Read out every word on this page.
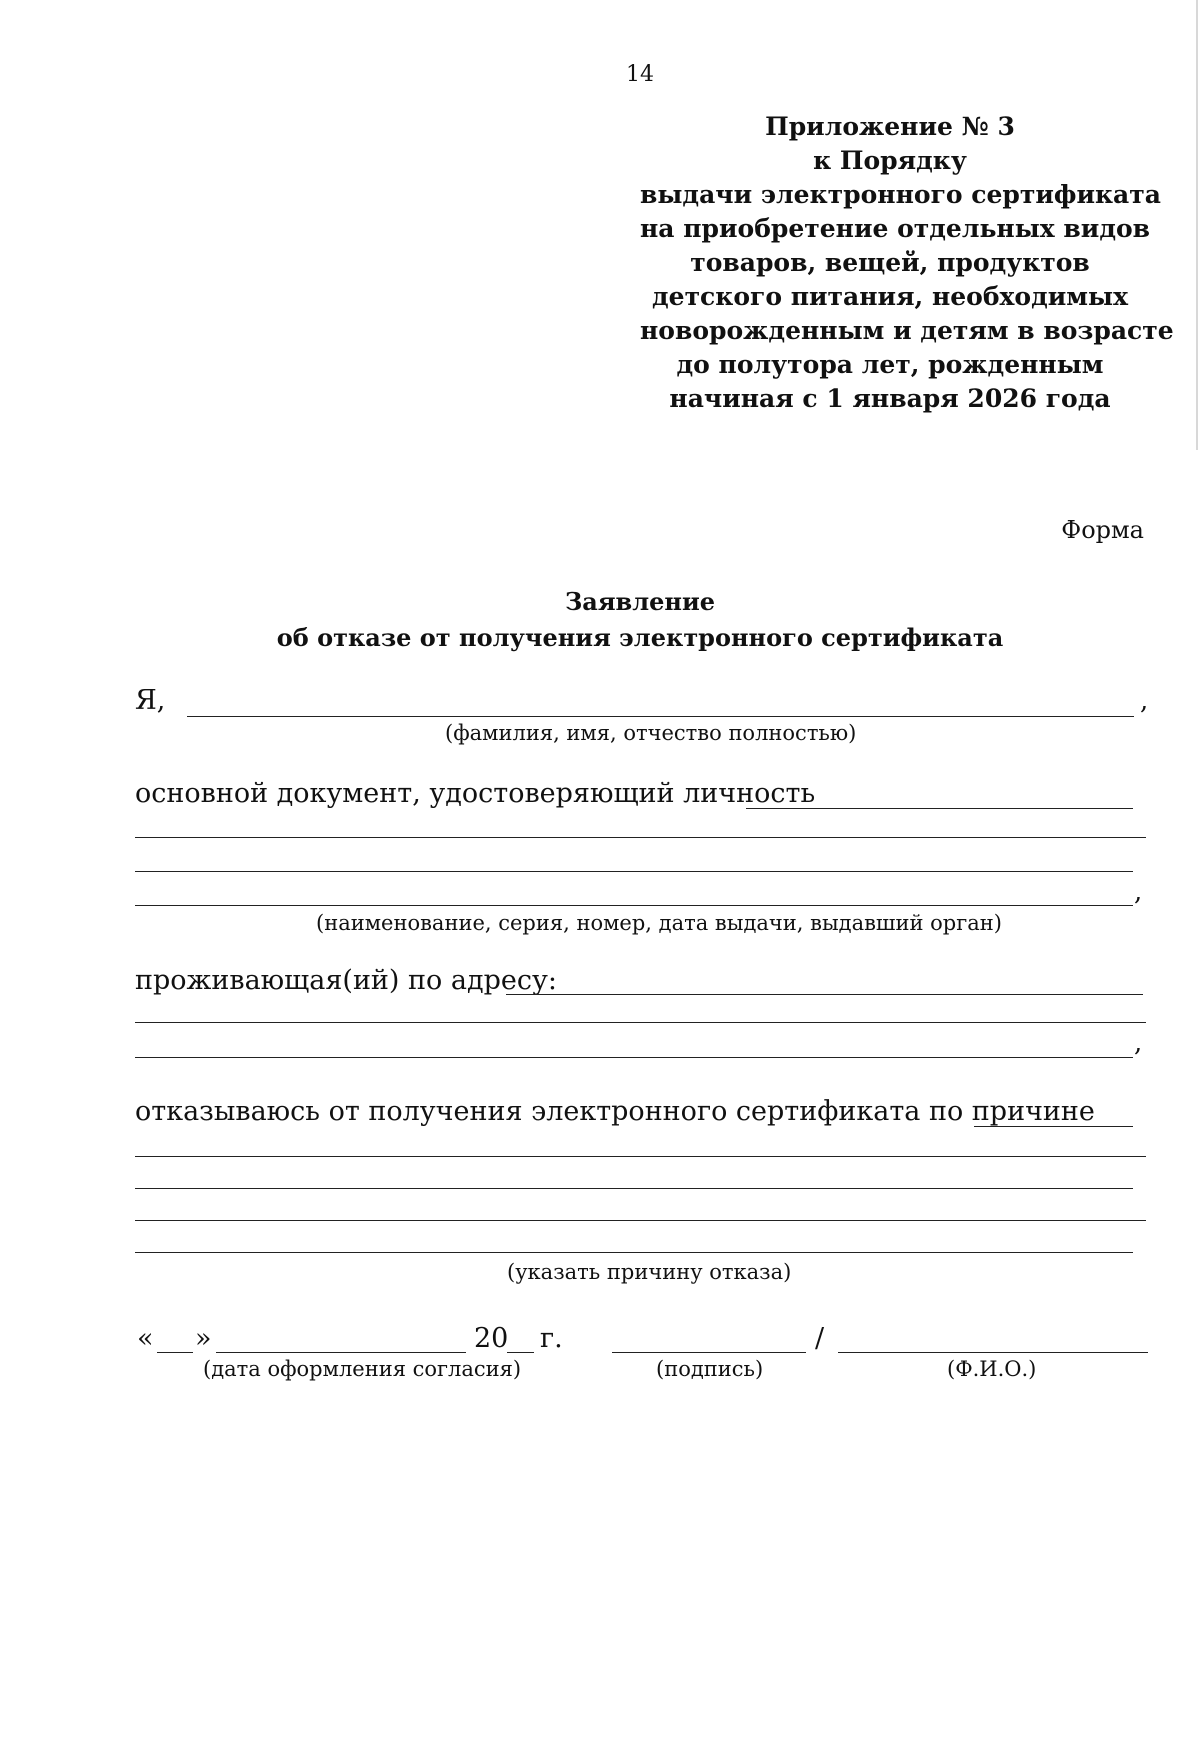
14
Приложение № 3
к Порядку
выдачи электронного сертификата
на приобретение отдельных видов
товаров, вещей, продуктов
детского питания, необходимых
новорожденным и детям в возрасте
до полутора лет, рожденным
начиная с 1 января 2026 года
Форма
Заявление
об отказе от получения электронного сертификата
Я,	,
(фамилия, имя, отчество полностью)
основной документ, удостоверяющий личность
,
(наименование, серия, номер, дата выдачи, выдавший орган)
проживающая(ий) по адресу:
,
отказываюсь от получения электронного сертификата по причине
(указать причину отказа)
« »	20 г.	/
(дата оформления согласия)	(подпись)	(Ф.И.О.)
